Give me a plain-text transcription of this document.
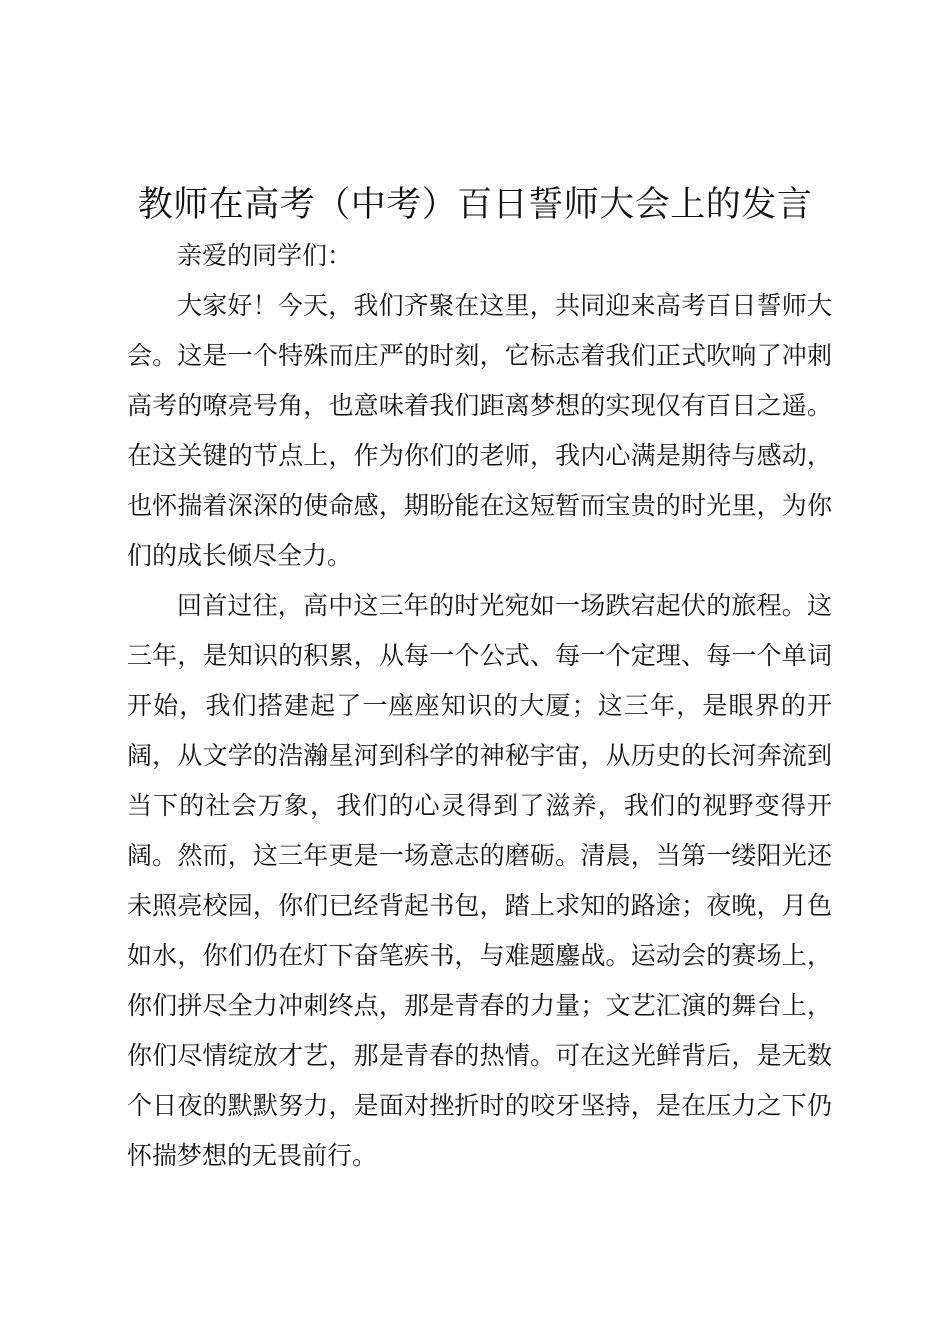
教师在高考（中考）百日誓师大会上的发言

亲爱的同学们：

大家好！今天，我们齐聚在这里，共同迎来高考百日誓师大会。这是一个特殊而庄严的时刻，它标志着我们正式吹响了冲刺高考的嘹亮号角，也意味着我们距离梦想的实现仅有百日之遥。在这关键的节点上，作为你们的老师，我内心满是期待与感动，也怀揣着深深的使命感，期盼能在这短暂而宝贵的时光里，为你们的成长倾尽全力。

回首过往，高中这三年的时光宛如一场跌宕起伏的旅程。这三年，是知识的积累，从每一个公式、每一个定理、每一个单词开始，我们搭建起了一座座知识的大厦；这三年，是眼界的开阔，从文学的浩瀚星河到科学的神秘宇宙，从历史的长河奔流到当下的社会万象，我们的心灵得到了滋养，我们的视野变得开阔。然而，这三年更是一场意志的磨砺。清晨，当第一缕阳光还未照亮校园，你们已经背起书包，踏上求知的路途；夜晚，月色如水，你们仍在灯下奋笔疾书，与难题鏖战。运动会的赛场上，你们拼尽全力冲刺终点，那是青春的力量；文艺汇演的舞台上，你们尽情绽放才艺，那是青春的热情。可在这光鲜背后，是无数个日夜的默默努力，是面对挫折时的咬牙坚持，是在压力之下仍怀揣梦想的无畏前行。
